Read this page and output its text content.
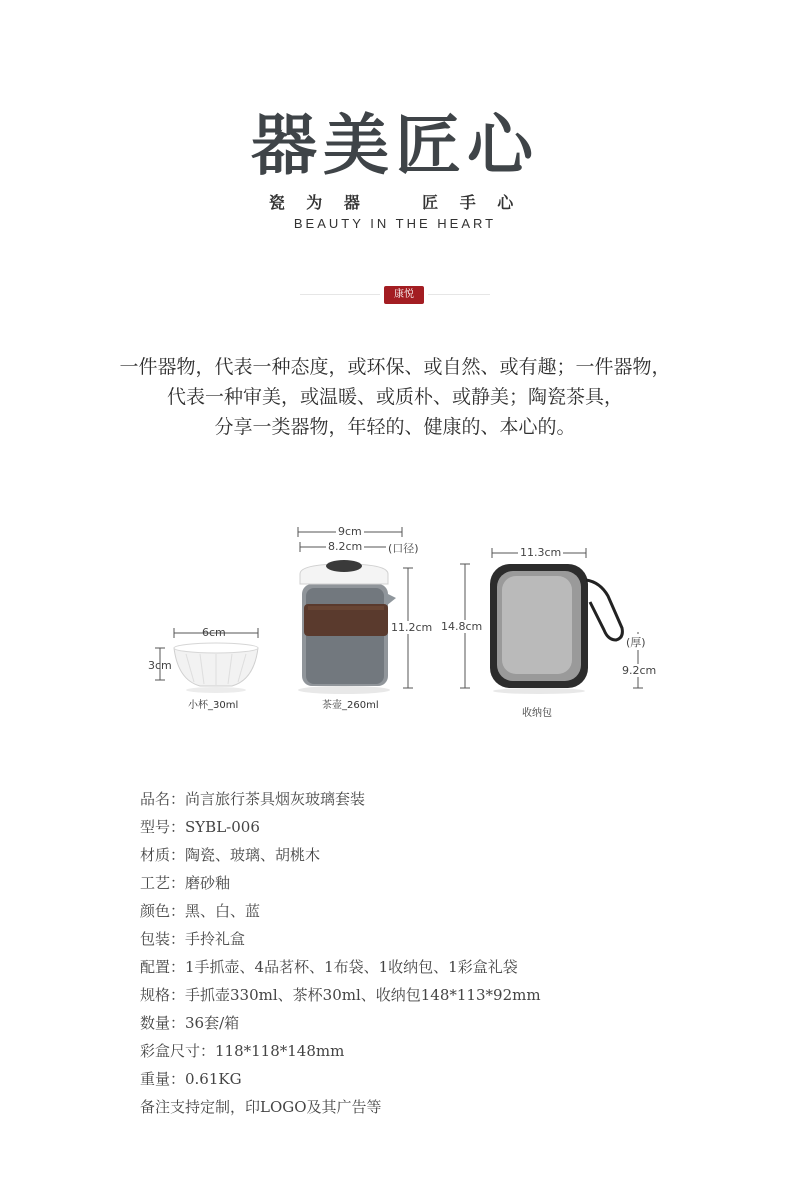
器美匠心
瓷 为 器    匠 手 心
BEAUTY IN THE HEART
康悦
一件器物，代表一种态度，或环保、或自然、或有趣；一件器物，
代表一种审美，或温暖、或质朴、或静美；陶瓷茶具，
分享一类器物，年轻的、健康的、本心的。
6cm
3cm
小杯_30ml
9cm
8.2cm (口径)
11.2cm
茶壶_260ml
11.3cm
14.8cm
(厚)
9.2cm
收纳包
品名：尚言旅行茶具烟灰玻璃套装
型号：SYBL-006
材质：陶瓷、玻璃、胡桃木
工艺：磨砂釉
颜色：黑、白、蓝
包装：手拎礼盒
配置：1手抓壶、4品茗杯、1布袋、1收纳包、1彩盒礼袋
规格：手抓壶330ml、茶杯30ml、收纳包148*113*92mm
数量：36套/箱
彩盒尺寸：118*118*148mm
重量：0.61KG
备注支持定制，印LOGO及其广告等
